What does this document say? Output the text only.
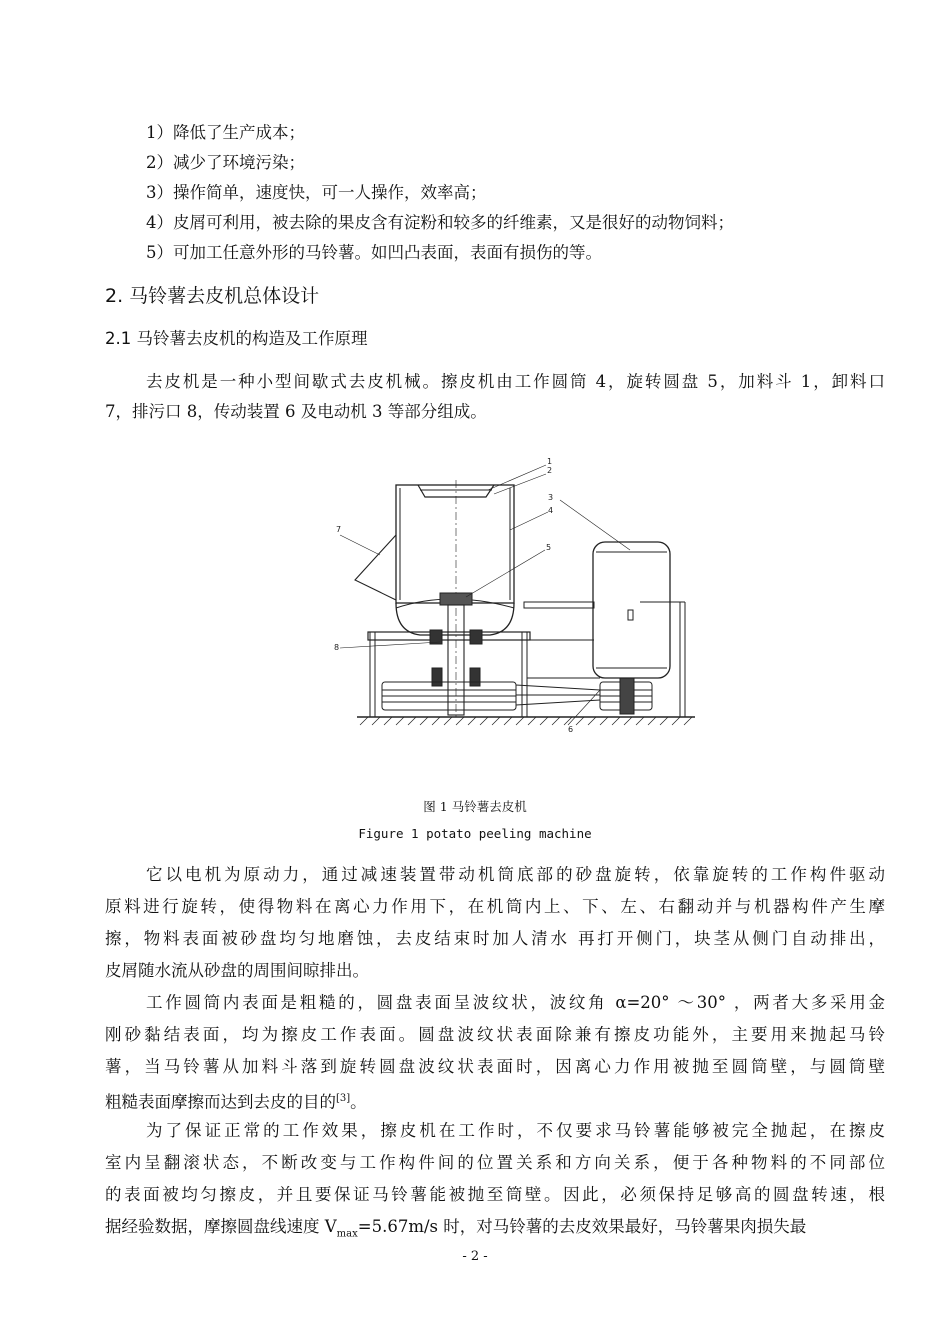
1）降低了生产成本；
2）减少了环境污染；
3）操作简单，速度快，可一人操作，效率高；
4）皮屑可利用，被去除的果皮含有淀粉和较多的纤维素，又是很好的动物饲料；
5）可加工任意外形的马铃薯。如凹凸表面，表面有损伤的等。
2. 马铃薯去皮机总体设计
2.1 马铃薯去皮机的构造及工作原理
去皮机是一种小型间歇式去皮机械。擦皮机由工作圆筒 4，旋转圆盘 5，加料斗 1，卸料口
7，排污口 8，传动装置 6 及电动机 3 等部分组成。
1
2
3
4
5
7
8
6
图 1 马铃薯去皮机
Figure 1 potato peeling machine
它以电机为原动力，通过减速装置带动机筒底部的砂盘旋转，依靠旋转的工作构件驱动
原料进行旋转，使得物料在离心力作用下，在机筒内上、下、左、右翻动并与机器构件产生摩
擦，物料表面被砂盘均匀地磨蚀，去皮结束时加人清水 再打开侧门，块茎从侧门自动排出，
皮屑随水流从砂盘的周围间晾排出。
工作圆筒内表面是粗糙的，圆盘表面呈波纹状，波纹角 α=20° ～30° ，两者大多采用金
刚砂黏结表面，均为擦皮工作表面。圆盘波纹状表面除兼有擦皮功能外，主要用来抛起马铃
薯，当马铃薯从加料斗落到旋转圆盘波纹状表面时，因离心力作用被抛至圆筒壁，与圆筒壁
粗糙表面摩擦而达到去皮的目的[3]。
为了保证正常的工作效果，擦皮机在工作时，不仅要求马铃薯能够被完全抛起，在擦皮
室内呈翻滚状态，不断改变与工作构件间的位置关系和方向关系，便于各种物料的不同部位
的表面被均匀擦皮，并且要保证马铃薯能被抛至筒壁。因此，必须保持足够高的圆盘转速，根
据经验数据，摩擦圆盘线速度 $V_{max}=5.67m/s$ 时，对马铃薯的去皮效果最好，马铃薯果肉损失最
- 2 -
